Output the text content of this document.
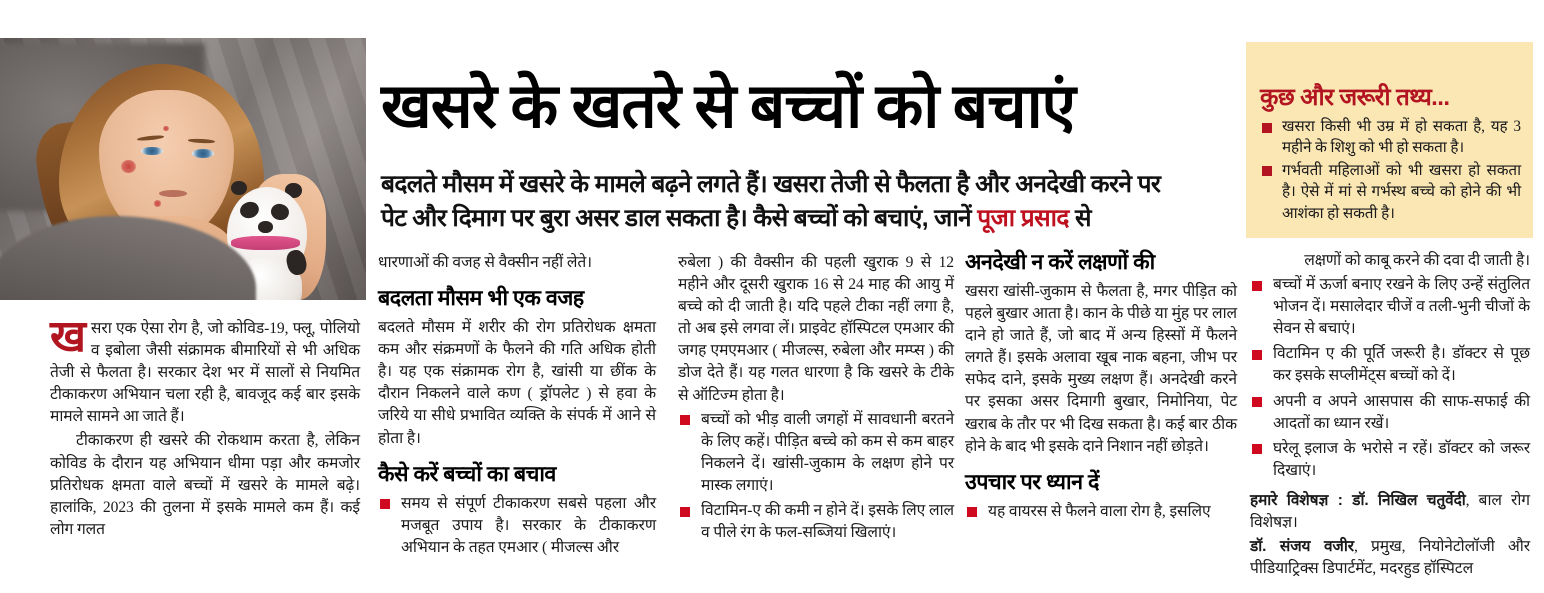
खसरे के खतरे से बच्चों को बचाएं
बदलते मौसम में खसरे के मामले बढ़ने लगते हैं। खसरा तेजी से फैलता है और अनदेखी करने पर
पेट और दिमाग पर बुरा असर डाल सकता है। कैसे बच्चों को बचाएं, जानें पूजा प्रसाद से
कुछ और जरूरी तथ्य...

खसरा किसी भी उम्र में हो सकता है, यह 3 महीने के शिशु को भी हो सकता है।

गर्भवती महिलाओं को भी खसरा हो सकता है। ऐसे में मां से गर्भस्थ बच्चे को होने की भी आशंका हो सकती है।

खसरा एक ऐसा रोग है, जो कोविड-19, फ्लू, पोलियो व इबोला जैसी संक्रामक बीमारियों से भी अधिक तेजी से फैलता है। सरकार देश भर में सालों से नियमित टीकाकरण अभियान चला रही है, बावजूद कई बार इसके मामले सामने आ जाते हैं।

टीकाकरण ही खसरे की रोकथाम करता है, लेकिन कोविड के दौरान यह अभियान धीमा पड़ा और कमजोर प्रतिरोधक क्षमता वाले बच्चों में खसरे के मामले बढ़े। हालांकि, 2023 की तुलना में इसके मामले कम हैं। कई लोग गलत

धारणाओं की वजह से वैक्सीन नहीं लेते।

बदलता मौसम भी एक वजह

बदलते मौसम में शरीर की रोग प्रतिरोधक क्षमता कम और संक्रमणों के फैलने की गति अधिक होती है। यह एक संक्रामक रोग है, खांसी या छींक के दौरान निकलने वाले कण ( ड्रॉपलेट ) से हवा के जरिये या सीधे प्रभावित व्यक्ति के संपर्क में आने से होता है।

कैसे करें बच्चों का बचाव

समय से संपूर्ण टीकाकरण सबसे पहला और मजबूत उपाय है। सरकार के टीकाकरण अभियान के तहत एमआर ( मीजल्स और

रुबेला ) की वैक्सीन की पहली खुराक 9 से 12 महीने और दूसरी खुराक 16 से 24 माह की आयु में बच्चे को दी जाती है। यदि पहले टीका नहीं लगा है, तो अब इसे लगवा लें। प्राइवेट हॉस्पिटल एमआर की जगह एमएमआर ( मीजल्स, रुबेला और मम्प्स ) की डोज देते हैं। यह गलत धारणा है कि खसरे के टीके से ऑटिज्म होता है।

बच्चों को भीड़ वाली जगहों में सावधानी बरतने के लिए कहें। पीड़ित बच्चे को कम से कम बाहर निकलने दें। खांसी-जुकाम के लक्षण होने पर मास्क लगाएं।

विटामिन-ए की कमी न होने दें। इसके लिए लाल व पीले रंग के फल-सब्जियां खिलाएं।

अनदेखी न करें लक्षणों की

खसरा खांसी-जुकाम से फैलता है, मगर पीड़ित को पहले बुखार आता है। कान के पीछे या मुंह पर लाल दाने हो जाते हैं, जो बाद में अन्य हिस्सों में फैलने लगते हैं। इसके अलावा खूब नाक बहना, जीभ पर सफेद दाने, इसके मुख्य लक्षण हैं। अनदेखी करने पर इसका असर दिमागी बुखार, निमोनिया, पेट खराब के तौर पर भी दिख सकता है। कई बार ठीक होने के बाद भी इसके दाने निशान नहीं छोड़ते।

उपचार पर ध्यान दें

यह वायरस से फैलने वाला रोग है, इसलिए

लक्षणों को काबू करने की दवा दी जाती है।

बच्चों में ऊर्जा बनाए रखने के लिए उन्हें संतुलित भोजन दें। मसालेदार चीजें व तली-भुनी चीजों के सेवन से बचाएं।

विटामिन ए की पूर्ति जरूरी है। डॉक्टर से पूछ कर इसके सप्लीमेंट्स बच्चों को दें।

अपनी व अपने आसपास की साफ-सफाई की आदतों का ध्यान रखें।

घरेलू इलाज के भरोसे न रहें। डॉक्टर को जरूर दिखाएं।

हमारे विशेषज्ञ : डॉ. निखिल चतुर्वेदी, बाल रोग विशेषज्ञ।

डॉ. संजय वजीर, प्रमुख, नियोनेटोलॉजी और पीडियाट्रिक्स डिपार्टमेंट, मदरहुड हॉस्पिटल
